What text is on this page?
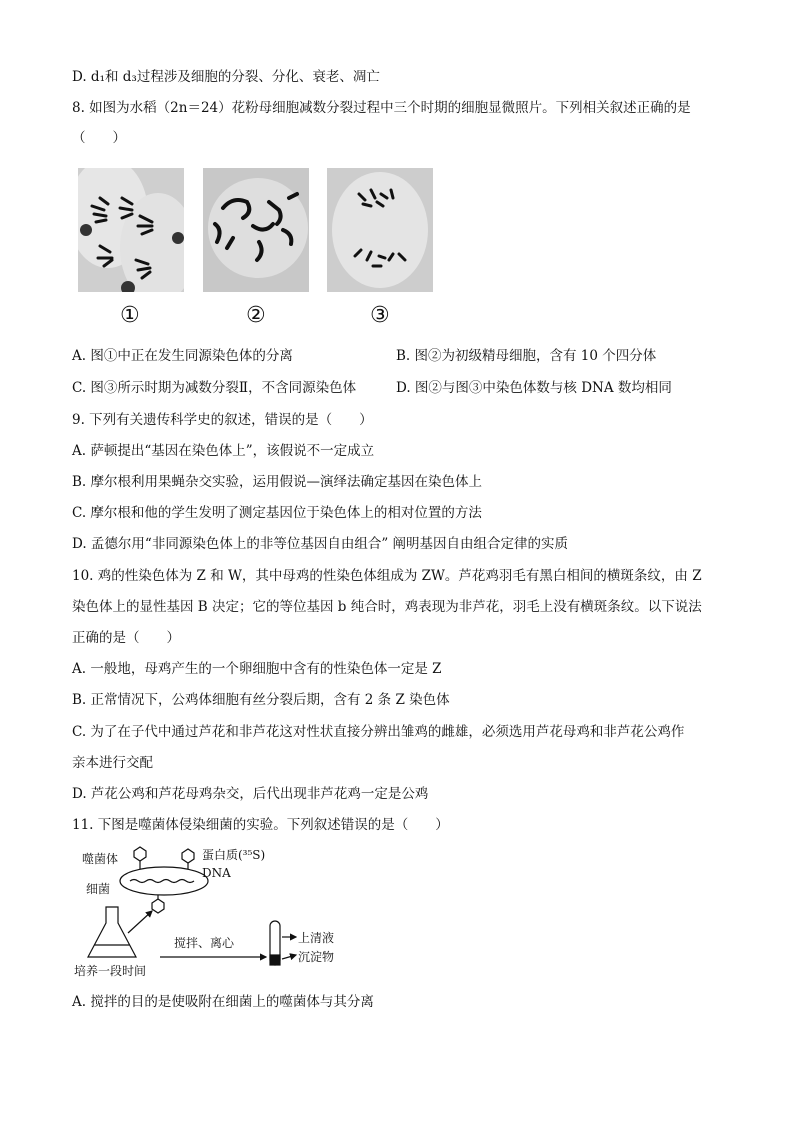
D. d₁和 d₃过程涉及细胞的分裂、分化、衰老、凋亡
8. 如图为水稻（2n＝24）花粉母细胞减数分裂过程中三个时期的细胞显微照片。下列相关叙述正确的是
（　　）
①	②	③
A. 图①中正在发生同源染色体的分离	B. 图②为初级精母细胞，含有 10 个四分体
C. 图③所示时期为减数分裂Ⅱ，不含同源染色体	D. 图②与图③中染色体数与核 DNA 数均相同
9. 下列有关遗传科学史的叙述，错误的是（　　）
A. 萨顿提出“基因在染色体上”，该假说不一定成立
B. 摩尔根利用果蝇杂交实验，运用假说—演绎法确定基因在染色体上
C. 摩尔根和他的学生发明了测定基因位于染色体上的相对位置的方法
D. 孟德尔用“非同源染色体上的非等位基因自由组合” 阐明基因自由组合定律的实质
10. 鸡的性染色体为 Z 和 W，其中母鸡的性染色体组成为 ZW。芦花鸡羽毛有黑白相间的横斑条纹，由 Z
染色体上的显性基因 B 决定；它的等位基因 b 纯合时，鸡表现为非芦花，羽毛上没有横斑条纹。以下说法
正确的是（　　）
A. 一般地，母鸡产生的一个卵细胞中含有的性染色体一定是 Z
B. 正常情况下，公鸡体细胞有丝分裂后期，含有 2 条 Z 染色体
C. 为了在子代中通过芦花和非芦花这对性状直接分辨出雏鸡的雌雄，必须选用芦花母鸡和非芦花公鸡作
亲本进行交配
D. 芦花公鸡和芦花母鸡杂交，后代出现非芦花鸡一定是公鸡
11. 下图是噬菌体侵染细菌的实验。下列叙述错误的是（　　）
噬菌体	蛋白质(³⁵S)
DNA
细菌
搅拌、离心	上清液
沉淀物
培养一段时间
A. 搅拌的目的是使吸附在细菌上的噬菌体与其分离
